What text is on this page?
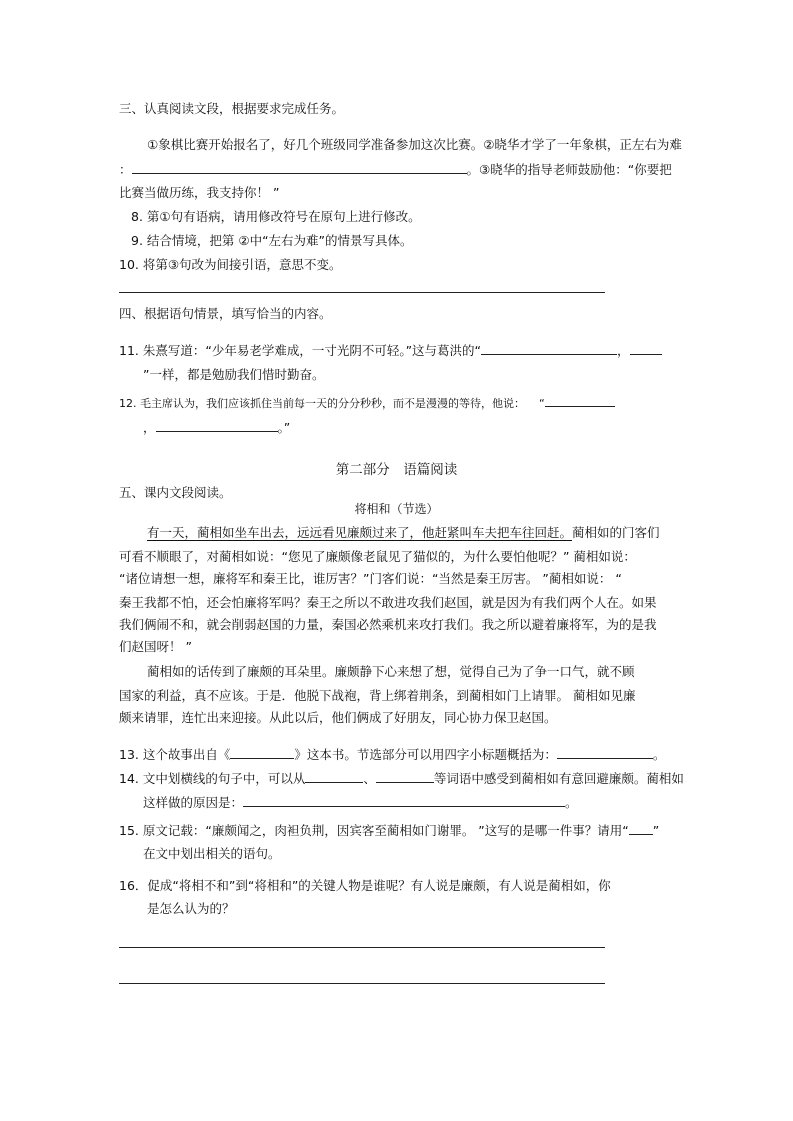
三、认真阅读文段，根据要求完成任务。
①象棋比赛开始报名了，好几个班级同学准备参加这次比赛。②晓华才学了一年象棋，正左右为难
：	。③晓华的指导老师鼓励他：“你要把
比赛当做历练，我支持你！ ”
8. 第①句有语病，请用修改符号在原句上进行修改。
9. 结合情境，把第 ②中“左右为难”的情景写具体。
10. 将第③句改为间接引语，意思不变。
四、根据语句情景，填写恰当的内容。
11. 朱熹写道：“少年易老学难成，一寸光阴不可轻。”这与葛洪的“	，
”一样，都是勉励我们惜时勤奋。
12. 毛主席认为，我们应该抓住当前每一天的分分秒秒，而不是漫漫的等待，他说： “
，	。”
第二部分　语篇阅读
五、课内文段阅读。
将相和（节选）
有一天，蔺相如坐车出去，远远看见廉颇过来了，他赶紧叫车夫把车往回赶。蔺相如的门客们
可看不顺眼了，对蔺相如说：“您见了廉颇像老鼠见了猫似的，为什么要怕他呢？” 蔺相如说：
“诸位请想一想，廉将军和秦王比，谁厉害？”门客们说：“当然是秦王厉害。 ”蔺相如说： “
秦王我都不怕，还会怕廉将军吗？秦王之所以不敢进攻我们赵国，就是因为有我们两个人在。如果
我们俩闹不和，就会削弱赵国的力量，秦国必然乘机来攻打我们。我之所以避着廉将军，为的是我
们赵国呀！ ”
蔺相如的话传到了廉颇的耳朵里。廉颇静下心来想了想，觉得自己为了争一口气，就不顾
国家的利益，真不应该。于是．他脱下战袍，背上绑着荆条，到蔺相如门上请罪。 蔺相如见廉
颇来请罪，连忙出来迎接。从此以后，他们俩成了好朋友，同心协力保卫赵国。
13. 这个故事出自《	》这本书。节选部分可以用四字小标题概括为：	。
14. 文中划横线的句子中，可以从	、	等词语中感受到蔺相如有意回避廉颇。蔺相如
这样做的原因是：	。
15. 原文记载：“廉颇闻之，肉袒负荆，因宾客至蔺相如门谢罪。 ”这写的是哪一件事？请用“ ”
在文中划出相关的语句。
16．促成“将相不和”到“将相和”的关键人物是谁呢？有人说是廉颇，有人说是蔺相如，你
是怎么认为的？
